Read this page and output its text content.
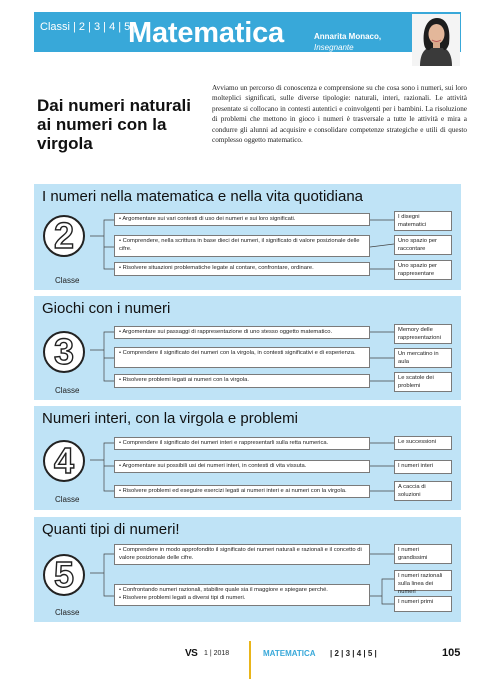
Classi | 2 | 3 | 4 | 5 |
Matematica	Annarita Monaco,
Insegnante
Dai numeri naturali ai numeri con la virgola
Avviamo un percorso di conoscenza e comprensione su che cosa sono i numeri, sui loro molteplici significati, sulle diverse tipologie: naturali, interi, razionali. Le attività presentate si collocano in contesti autentici e coinvolgenti per i bambini. La risoluzione di problemi che mettono in gioco i numeri è trasversale a tutte le attività e mira a condurre gli alunni ad acquisire e consolidare competenze strategiche e utili di questo complesso oggetto matematico.
I numeri nella matematica e nella vita quotidiana
2
Classe
• Argomentare sui vari contesti di uso dei numeri e sui loro significati.
• Comprendere, nella scrittura in base dieci dei numeri, il significato di valore posizionale delle cifre.
• Risolvere situazioni problematiche legate al contare, confrontare, ordinare.
I disegni matematici
Uno spazio per raccontare
Uno spazio per rappresentare
Giochi con i numeri
3
Classe
• Argomentare sui passaggi di rappresentazione di uno stesso oggetto matematico.
• Comprendere il significato dei numeri con la virgola, in contesti significativi e di esperienza.
• Risolvere problemi legati ai numeri con la virgola.
Memory delle rappresentazioni
Un mercatino in aula
Le scatole dei problemi
Numeri interi, con la virgola e problemi
4
Classe
• Comprendere il significato dei numeri interi e rappresentarli sulla retta numerica.
• Argomentare sui possibili usi dei numeri interi, in contesti di vita vissuta.
• Risolvere problemi ed eseguire esercizi legati ai numeri interi e ai numeri con la virgola.
Le successioni
I numeri interi
A caccia di soluzioni
Quanti tipi di numeri!
5
Classe
• Comprendere in modo approfondito il significato dei numeri naturali e razionali e il concetto di valore posizionale delle cifre.
• Confrontando numeri razionali, stabilire quale sia il maggiore e spiegare perché.
• Risolvere problemi legati a diversi tipi di numeri.
I numeri grandissimi
I numeri razionali sulla linea dei numeri
I numeri primi
VS 1 | 2018	MATEMATICA | 2 | 3 | 4 | 5 |	105
